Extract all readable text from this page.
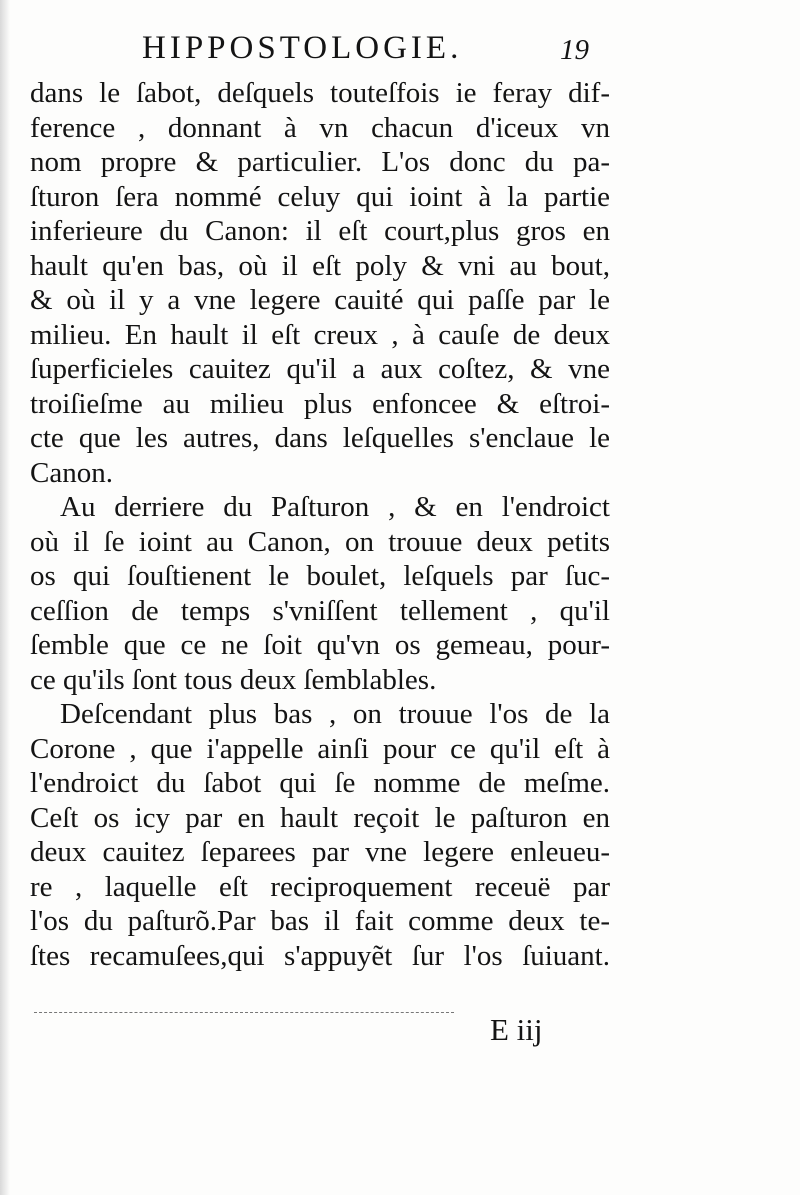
HIPPOSTOLOGIE.	19
dans le ſabot, deſquels touteſfois ie feray dif-
ference , donnant à vn chacun d'iceux vn
nom propre & particulier. L'os donc du pa-
ſturon ſera nommé celuy qui ioint à la partie
inferieure du Canon: il eſt court,plus gros en
hault qu'en bas, où il eſt poly & vni au bout,
& où il y a vne legere cauité qui paſſe par le
milieu. En hault il eſt creux , à cauſe de deux
ſuperficieles cauitez qu'il a aux coſtez, & vne
troiſieſme au milieu plus enfoncee & eſtroi-
cte que les autres, dans leſquelles s'enclaue le
Canon.
Au derriere du Paſturon , & en l'endroict
où il ſe ioint au Canon, on trouue deux petits
os qui ſouſtienent le boulet, leſquels par ſuc-
ceſſion de temps s'vniſſent tellement , qu'il
ſemble que ce ne ſoit qu'vn os gemeau, pour-
ce qu'ils ſont tous deux ſemblables.
Deſcendant plus bas , on trouue l'os de la
Corone , que i'appelle ainſi pour ce qu'il eſt à
l'endroict du ſabot qui ſe nomme de meſme.
Ceſt os icy par en hault reçoit le paſturon en
deux cauitez ſeparees par vne legere enleueu-
re , laquelle eſt reciproquement receuë par
l'os du paſturõ.Par bas il fait comme deux te-
ſtes recamuſees,qui s'appuyẽt ſur l'os ſuiuant.
E iij
